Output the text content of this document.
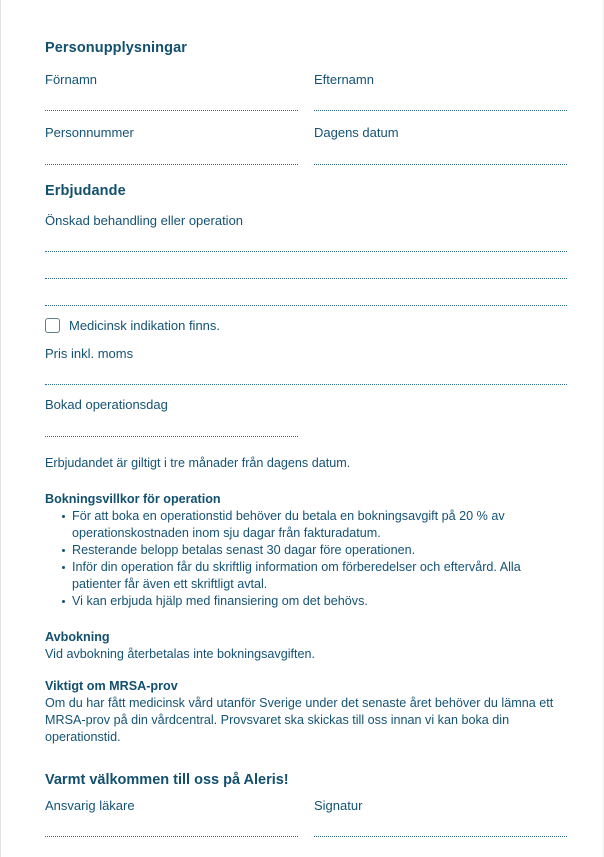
Personupplysningar

Förnamn	Efternamn

Personnummer	Dagens datum

Erbjudande

Önskad behandling eller operation

Medicinsk indikation finns.

Pris inkl. moms

Bokad operationsdag

Erbjudandet är giltigt i tre månader från dagens datum.

Bokningsvillkor för operation

För att boka en operationstid behöver du betala en bokningsavgift på 20 % av operationskostnaden inom sju dagar från fakturadatum.
Resterande belopp betalas senast 30 dagar före operationen.
Inför din operation får du skriftlig information om förberedelser och eftervård. Alla patienter får även ett skriftligt avtal.
Vi kan erbjuda hjälp med finansiering om det behövs.

Avbokning

Vid avbokning återbetalas inte bokningsavgiften.

Viktigt om MRSA-prov

Om du har fått medicinsk vård utanför Sverige under det senaste året behöver du lämna ett MRSA-prov på din vårdcentral. Provsvaret ska skickas till oss innan vi kan boka din operationstid.

Varmt välkommen till oss på Aleris!

Ansvarig läkare	Signatur
